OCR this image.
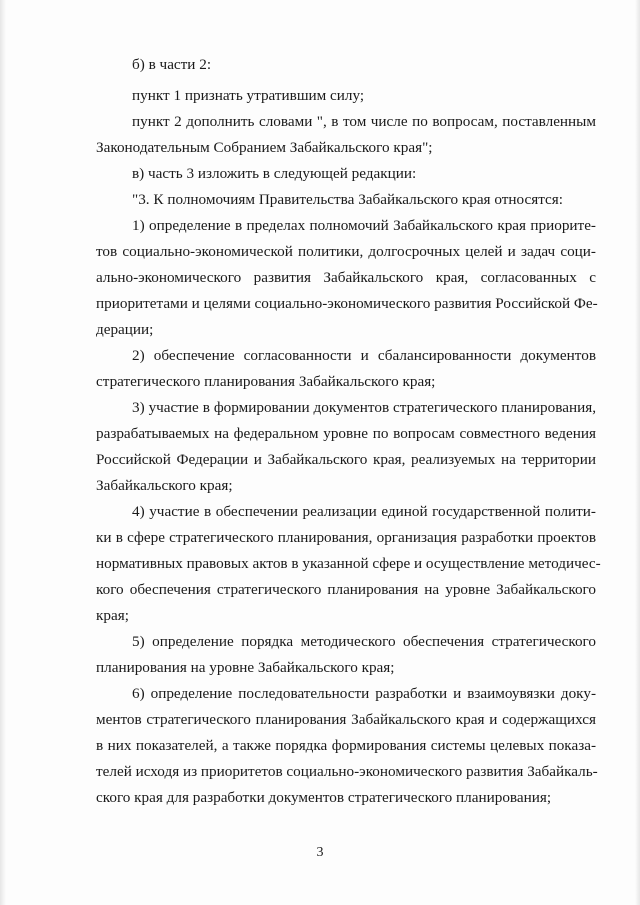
б) в части 2:
пункт 1 признать утратившим силу;
пункт 2 дополнить словами ", в том числе по вопросам, поставленным
Законодательным Собранием Забайкальского края";
в) часть 3 изложить в следующей редакции:
"3. К полномочиям Правительства Забайкальского края относятся:
1) определение в пределах полномочий Забайкальского края приорите-
тов социально-экономической политики, долгосрочных целей и задач соци-
ально-экономического развития Забайкальского края, согласованных с
приоритетами и целями социально-экономического развития Российской Фе-
дерации;
2) обеспечение согласованности и сбалансированности документов
стратегического планирования Забайкальского края;
3) участие в формировании документов стратегического планирования,
разрабатываемых на федеральном уровне по вопросам совместного ведения
Российской Федерации и Забайкальского края, реализуемых на территории
Забайкальского края;
4) участие в обеспечении реализации единой государственной полити-
ки в сфере стратегического планирования, организация разработки проектов
нормативных правовых актов в указанной сфере и осуществление методичес-
кого обеспечения стратегического планирования на уровне Забайкальского
края;
5) определение порядка методического обеспечения стратегического
планирования на уровне Забайкальского края;
6) определение последовательности разработки и взаимоувязки доку-
ментов стратегического планирования Забайкальского края и содержащихся
в них показателей, а также порядка формирования системы целевых показа-
телей исходя из приоритетов социально-экономического развития Забайкаль-
ского края для разработки документов стратегического планирования;
3
